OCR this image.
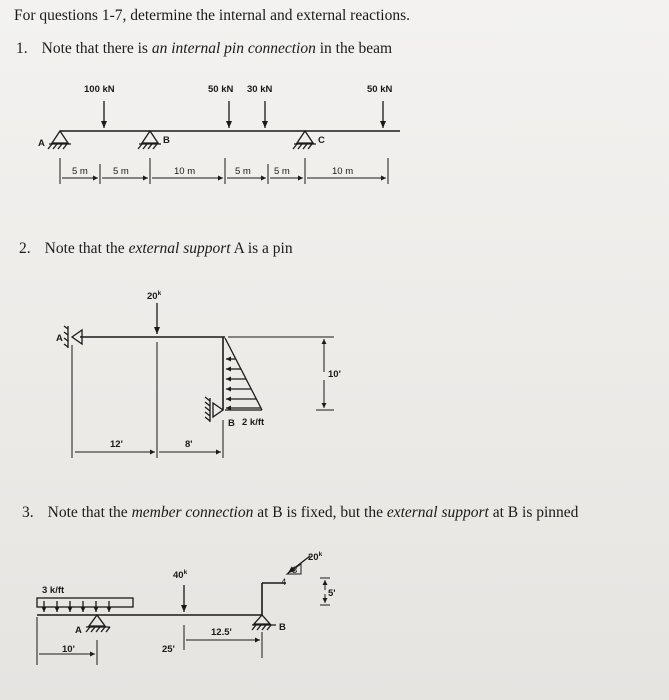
For questions 1-7, determine the internal and external reactions.
1. Note that there is an internal pin connection in the beam
2. Note that the external support A is a pin
3. Note that the member connection at B is fixed, but the external support at B is pinned
100 kN	50 kN 30 kN	50 kN
A	B	C
5 m	5 m	10 m	5 m 5 m	10 m
20$^k$
A
B 2 k/ft
12'	8'
10'
3 k/ft
40$^k$
20$^k$
3
4
A	B
10'	25'
12.5'
5'
